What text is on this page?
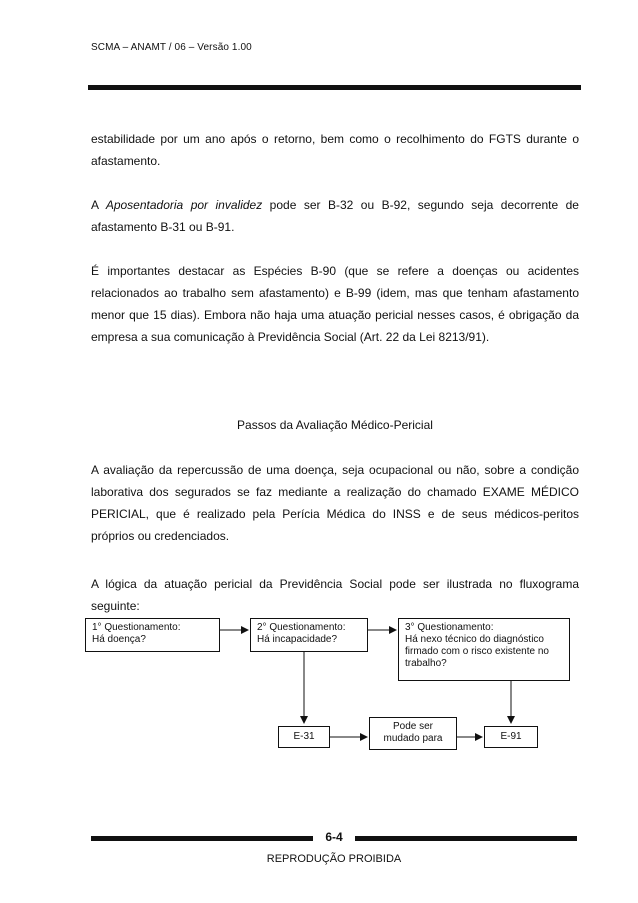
SCMA – ANAMT / 06 – Versão 1.00

estabilidade por um ano após o retorno, bem como o recolhimento do FGTS durante o afastamento.

A Aposentadoria por invalidez pode ser B-32 ou B-92, segundo seja decorrente de afastamento B-31 ou B-91.

É importantes destacar as Espécies B-90 (que se refere a doenças ou acidentes relacionados ao trabalho sem afastamento) e B-99 (idem, mas que tenham afastamento menor que 15 dias). Embora não haja uma atuação pericial nesses casos, é obrigação da empresa a sua comunicação à Previdência Social (Art. 22 da Lei 8213/91).

Passos da Avaliação Médico-Pericial

A avaliação da repercussão de uma doença, seja ocupacional ou não, sobre a condição laborativa dos segurados se faz mediante a realização do chamado EXAME MÉDICO PERICIAL, que é realizado pela Perícia Médica do INSS e de seus médicos-peritos próprios ou credenciados.

A lógica da atuação pericial da Previdência Social pode ser ilustrada no fluxograma seguinte:

1° Questionamento:
Há doença?
2° Questionamento:
Há incapacidade?
3° Questionamento:
Há nexo técnico do diagnóstico
firmado com o risco existente no
trabalho?
E-31
Pode ser
mudado para	E-91
6-4
REPRODUÇÃO PROIBIDA
